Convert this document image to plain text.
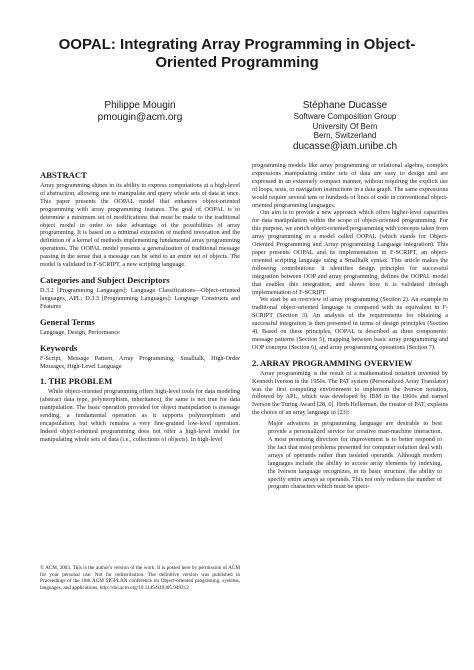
OOPAL: Integrating Array Programming in Object-Oriented Programming
Philippe Mougin
pmougin@acm.org
Stéphane Ducasse
Software Composition Group
University Of Bern
Bern, Switzerland
ducasse@iam.unibe.ch
ABSTRACT

Array programming shines in its ability to express computations at a high-level of abstraction, allowing one to manipulate and query whole sets of data at once. This paper presents the OOPAL model that enhances object-oriented programming with array programming features. The goal of OOPAL is to determine a minimum set of modifications that must be made to the traditional object model in order to take advantage of the possibilities of array programming. It is based on a minimal extension of method invocation and the definition of a kernel of methods implementing fundamental array programming operations. The OOPAL model presents a generalization of traditional message passing in the sense that a message can be send to an entire set of objects. The model is validated in F-SCRIPT, a new scripting language.

Categories and Subject Descriptors

D.3.2 [Programming Languages]: Language Classifications—Object-oriented languages, APL; D.3.3 [Programming Languages]: Language Constructs and Features

General Terms

Language, Design, Performance

Keywords

F-Script, Message Pattern, Array Programming, Smalltalk, High-Order Messages, High-Level Language

1. THE PROBLEM

While object-oriented programming offers high-level tools for data modeling (abstract data type, polymorphism, inheritance), the same is not true for data manipulation. The basic operation provided for object manipulation is message sending, a fundamental operation as it supports polymorphism and encapsulation, but which remains a very fine-grained low-level operation. Indeed object-oriented programming does not offer a high-level model for manipulating whole sets of data (i.e., collections of objects). In high-level

© ACM, 2003. This is the author's version of the work. It is posted here by permission of ACM for your personal use. Not for redistribution. The definitive version was published in Proceedings of the 18th ACM SIGPLAN conference on Object-oriented programing, systems, languages, and applications, http://doi.acm.org/10.1145/949305.949312

programming models like array programming or relational algebra, complex expressions manipulating entire sets of data are easy to design and are expressed in an extremely compact manner, without requiring the explicit use of loops, tests, or navigation instructions in a data graph. The same expressions would require several tens or hundreds of lines of code in conventional object-oriented programming languages.

Our aim is to provide a new approach which offers higher-level capacities for data manipulation within the scope of object-oriented programming. For this purpose, we enrich object-oriented programming with concepts taken from array programming in a model called OOPAL (which stands for Object-Oriented Programming and Array programming Language integration). This paper presents OOPAL and its implementation in F-SCRIPT, an object-oriented scripting language using a Smalltalk syntax. This article makes the following contributions: it identifies design principles for successful integration between OOP and array programming, defines the OOPAL model that enables this integration, and shows how it is validated through implementation of F-SCRIPT.

We start by an overview of array programming (Section 2). An example in traditional object-oriented language is compared with its equivalent in F-SCRIPT (Section 3). An analysis of the requirements for obtaining a successful integration is then presented in terms of design principles (Section 4). Based on these principles, OOPAL is described as three components: message patterns (Section 5), mapping between basic array programming and OOP concepts (Section 6), and array programming operations (Section 7).

2. ARRAY PROGRAMMING OVERVIEW

Array programming is the result of a mathematical notation invented by Kenneth Iverson in the 1950s. The PAT system (Personalized Array Translator) was the first computing environment to implement the Iverson notation, followed by APL, which was developed by IBM in the 1960s and earned Iverson the Turing Award [28, 6]. Herb Hellerman, the creator of PAT, explains the choice of an array language in [23]:

Major advances in programming language are desirable to best provide a personalized service for creative man-machine interaction. A most promising direction for improvement is to better respond to the fact that most problems presented for computer solution deal with arrays of operands rather than isolated operands. Although modern languages include the ability to access array elements by indexing, the Iverson language recognizes, in its basic structure, the ability to specify entire arrays as operands. This not only reduces the number of program characters which must be speci-
